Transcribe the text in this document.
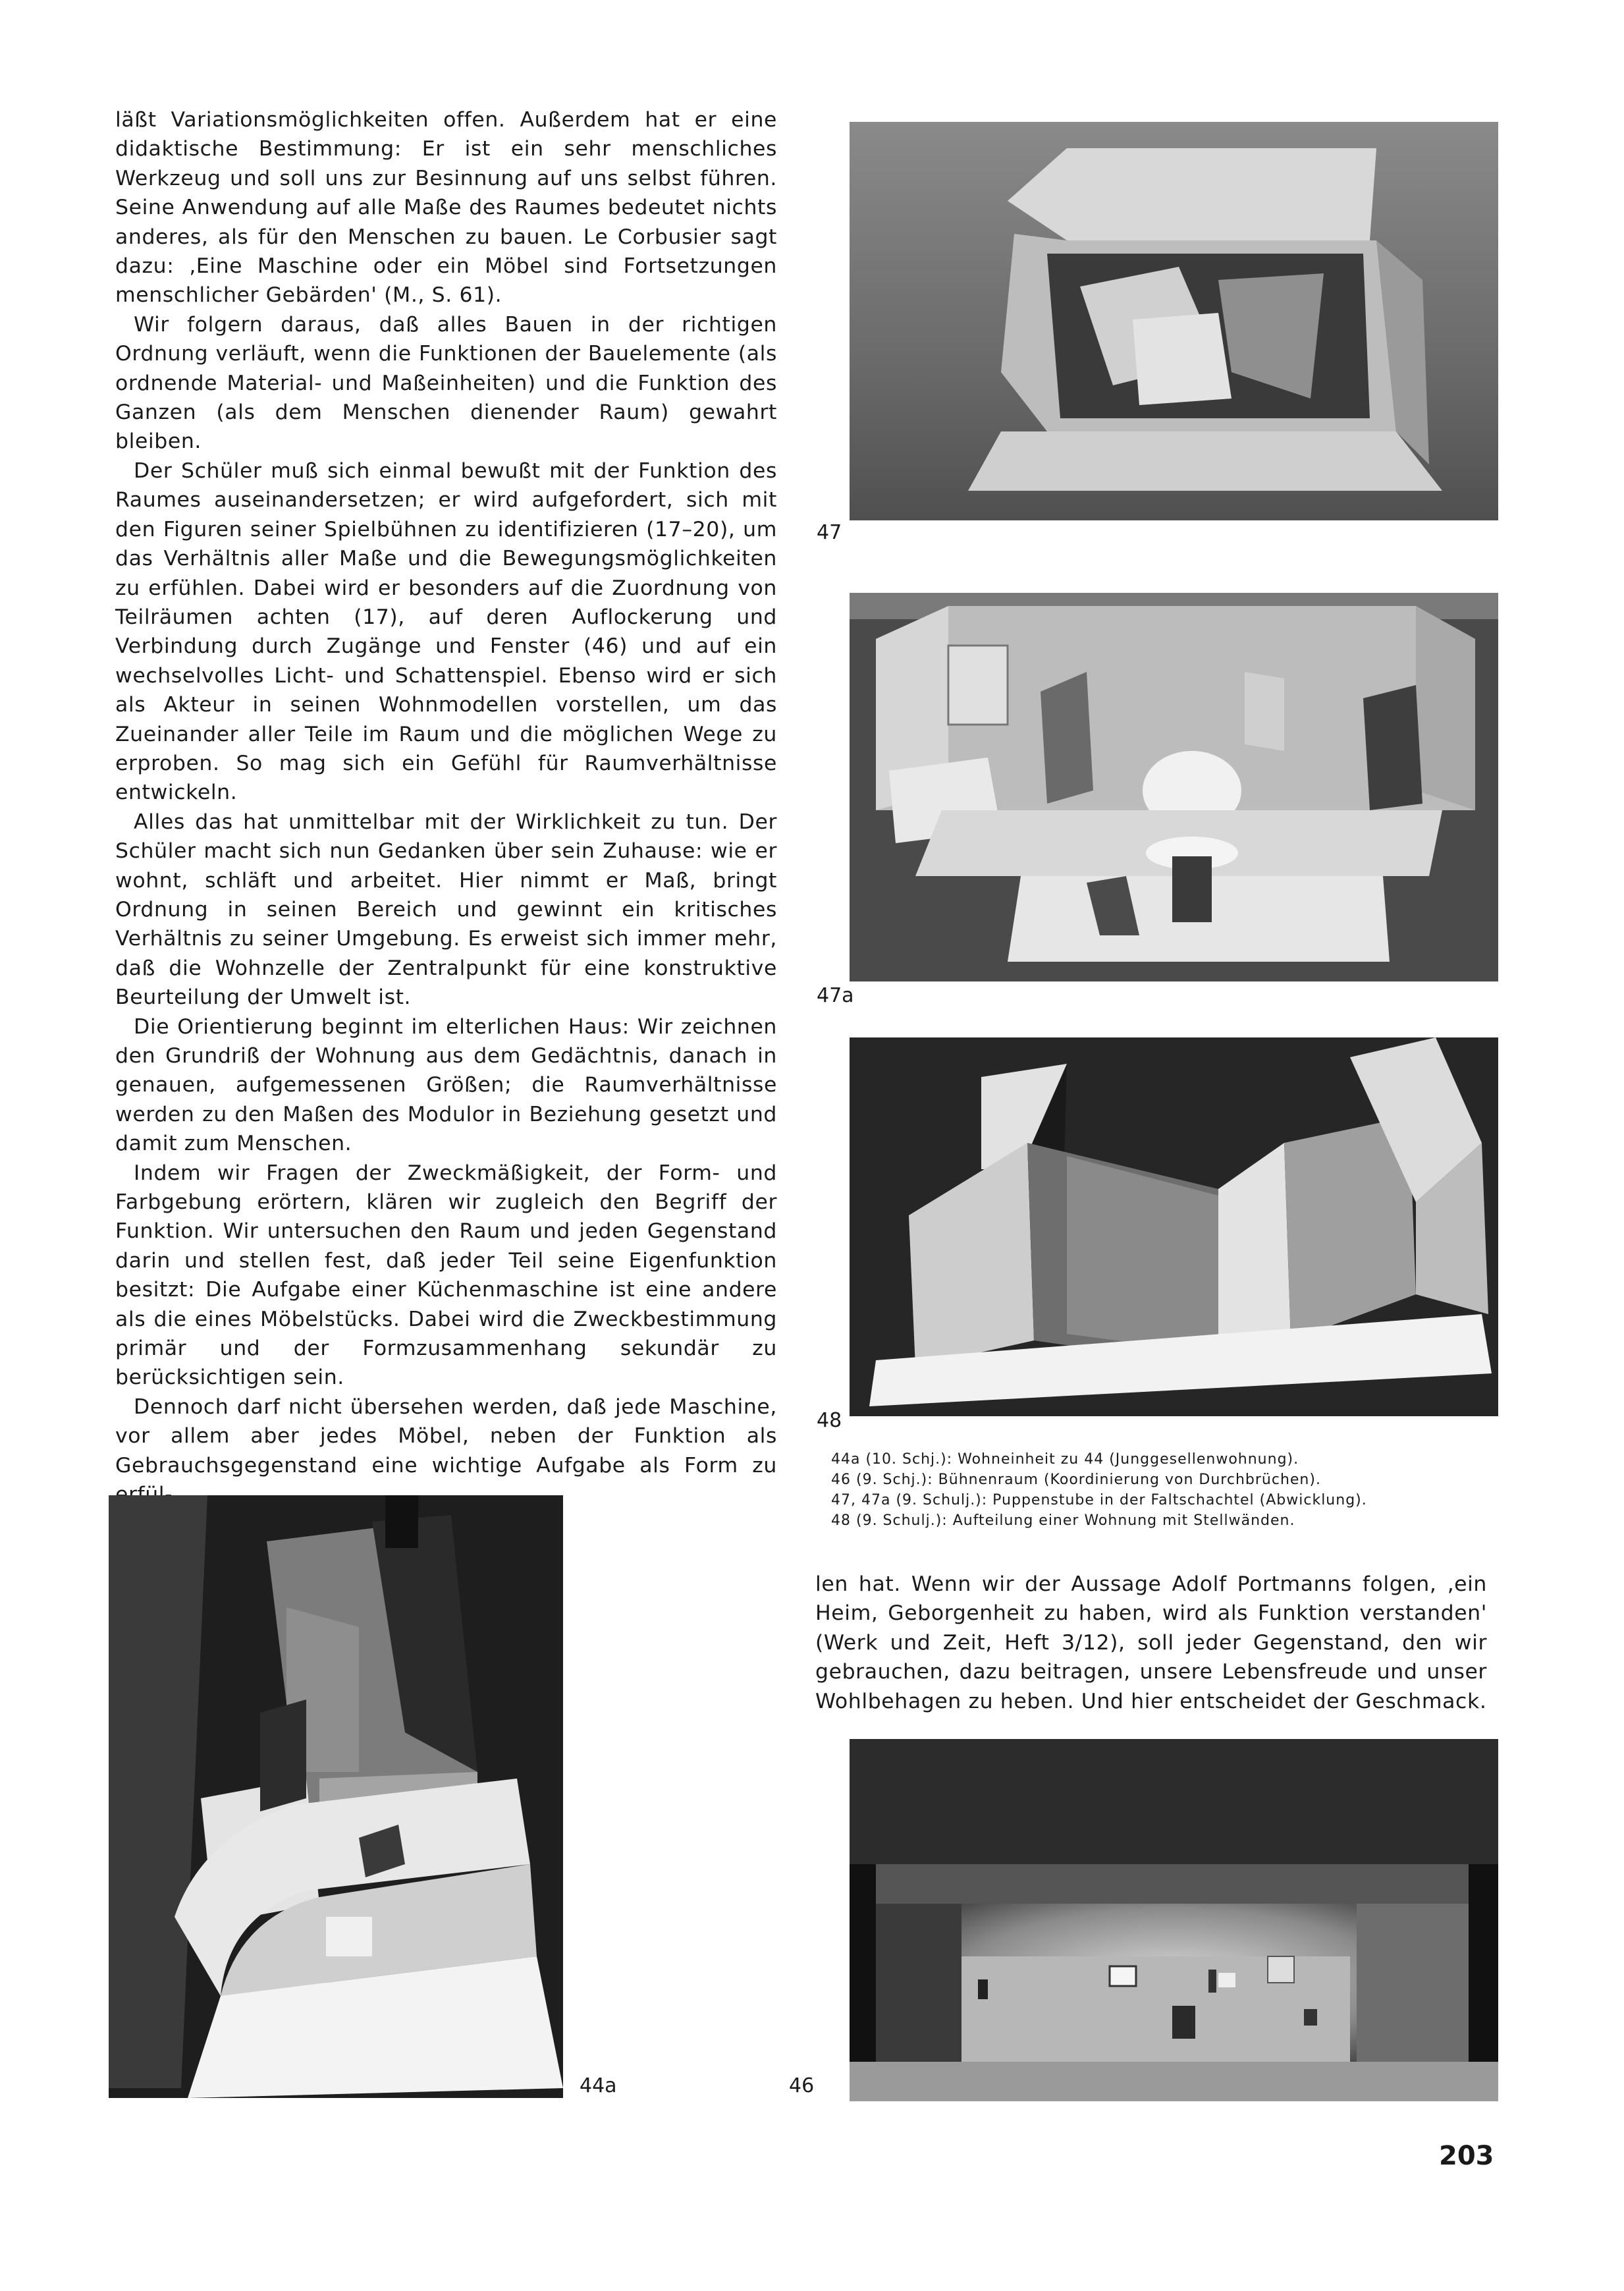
läßt Variationsmöglichkeiten offen. Außerdem hat er eine didaktische Bestimmung: Er ist ein sehr menschliches Werkzeug und soll uns zur Besinnung auf uns selbst führen. Seine Anwendung auf alle Maße des Raumes bedeutet nichts anderes, als für den Menschen zu bauen. Le Corbusier sagt dazu: ‚Eine Maschine oder ein Möbel sind Fortsetzungen menschlicher Gebärden' (M., S. 61).

Wir folgern daraus, daß alles Bauen in der richtigen Ordnung verläuft, wenn die Funktionen der Bauelemente (als ordnende Material- und Maßeinheiten) und die Funktion des Ganzen (als dem Menschen dienender Raum) gewahrt bleiben.

Der Schüler muß sich einmal bewußt mit der Funktion des Raumes auseinandersetzen; er wird aufgefordert, sich mit den Figuren seiner Spielbühnen zu identifizieren (17–20), um das Verhältnis aller Maße und die Bewegungsmöglichkeiten zu erfühlen. Dabei wird er besonders auf die Zuordnung von Teilräumen achten (17), auf deren Auflockerung und Verbindung durch Zugänge und Fenster (46) und auf ein wechselvolles Licht- und Schattenspiel. Ebenso wird er sich als Akteur in seinen Wohnmodellen vorstellen, um das Zueinander aller Teile im Raum und die möglichen Wege zu erproben. So mag sich ein Gefühl für Raumverhältnisse entwickeln.

Alles das hat unmittelbar mit der Wirklichkeit zu tun. Der Schüler macht sich nun Gedanken über sein Zuhause: wie er wohnt, schläft und arbeitet. Hier nimmt er Maß, bringt Ordnung in seinen Bereich und gewinnt ein kritisches Verhältnis zu seiner Umgebung. Es erweist sich immer mehr, daß die Wohnzelle der Zentralpunkt für eine konstruktive Beurteilung der Umwelt ist.

Die Orientierung beginnt im elterlichen Haus: Wir zeichnen den Grundriß der Wohnung aus dem Gedächtnis, danach in genauen, aufgemessenen Größen; die Raumverhältnisse werden zu den Maßen des Modulor in Beziehung gesetzt und damit zum Menschen.

Indem wir Fragen der Zweckmäßigkeit, der Form- und Farbgebung erörtern, klären wir zugleich den Begriff der Funktion. Wir untersuchen den Raum und jeden Gegenstand darin und stellen fest, daß jeder Teil seine Eigenfunktion besitzt: Die Aufgabe einer Küchenmaschine ist eine andere als die eines Möbelstücks. Dabei wird die Zweckbestimmung primär und der Formzusammenhang sekundär zu berücksichtigen sein.

Dennoch darf nicht übersehen werden, daß jede Maschine, vor allem aber jedes Möbel, neben der Funktion als Gebrauchsgegenstand eine wichtige Aufgabe als Form zu

47
47a
48
44a (10. Schj.): Wohneinheit zu 44 (Junggesellenwohnung).
46 (9. Schj.): Bühnenraum (Koordinierung von Durchbrüchen).
47, 47a (9. Schulj.): Puppenstube in der Faltschachtel (Abwicklung).
48 (9. Schulj.): Aufteilung einer Wohnung mit Stellwänden.

len hat. Wenn wir der Aussage Adolf Portmanns folgen, ‚ein Heim, Geborgenheit zu haben, wird als Funktion verstanden' (Werk und Zeit, Heft 3/12), soll jeder Gegenstand, den wir gebrauchen, dazu beitragen, unsere Lebensfreude und unser Wohlbehagen zu heben. Und hier entscheidet der Geschmack.

44a	46
203
